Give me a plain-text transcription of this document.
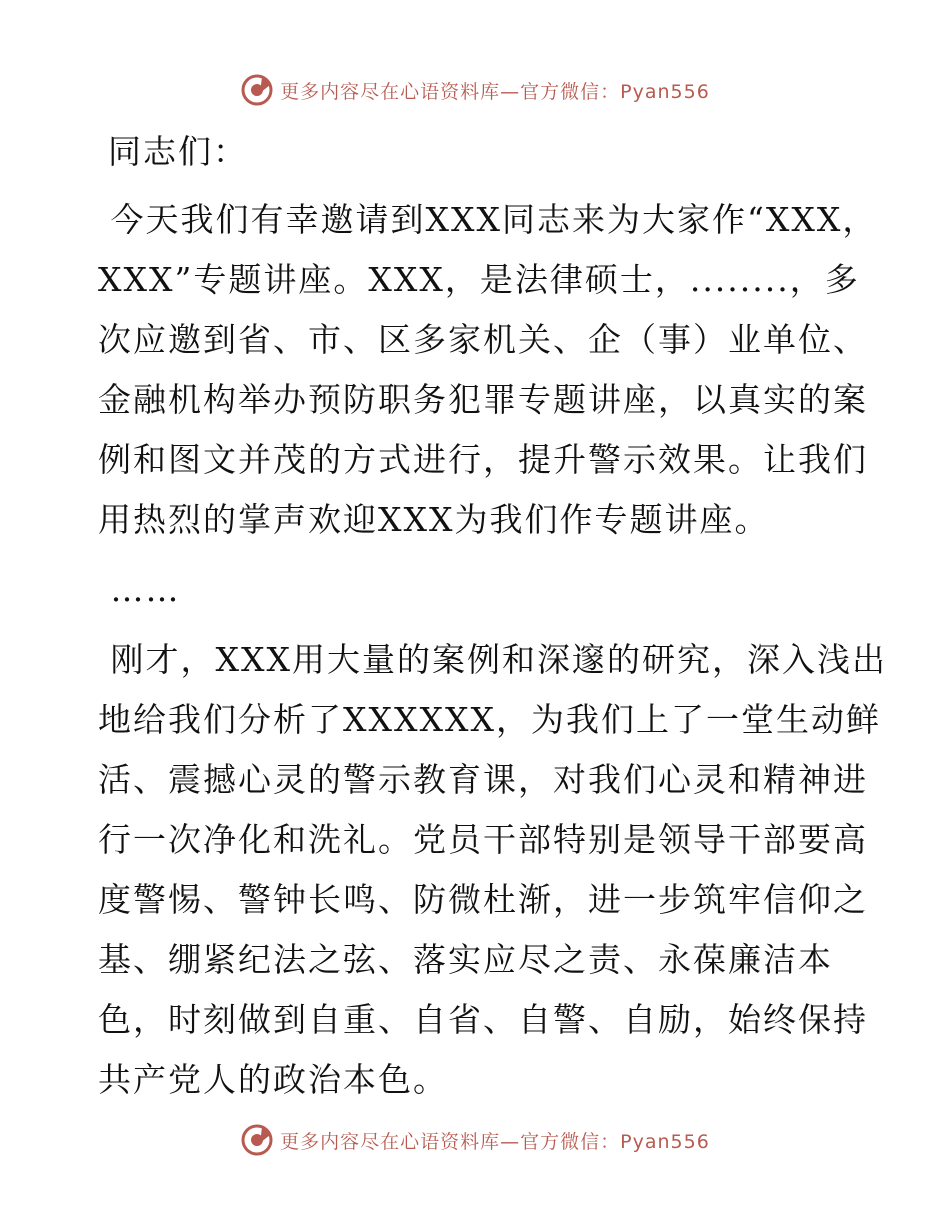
更多内容尽在心语资料库—官方微信：Pyan556
同志们：
今天我们有幸邀请到XXX同志来为大家作“XXX，
XXX”专题讲座。XXX，是法律硕士，........，多
次应邀到省、市、区多家机关、企（事）业单位、
金融机构举办预防职务犯罪专题讲座，以真实的案
例和图文并茂的方式进行，提升警示效果。让我们
用热烈的掌声欢迎XXX为我们作专题讲座。
……
刚才，XXX用大量的案例和深邃的研究，深入浅出
地给我们分析了XXXXXX，为我们上了一堂生动鲜
活、震撼心灵的警示教育课，对我们心灵和精神进
行一次净化和洗礼。党员干部特别是领导干部要高
度警惕、警钟长鸣、防微杜渐，进一步筑牢信仰之
基、绷紧纪法之弦、落实应尽之责、永葆廉洁本
色，时刻做到自重、自省、自警、自励，始终保持
共产党人的政治本色。
更多内容尽在心语资料库—官方微信：Pyan556
